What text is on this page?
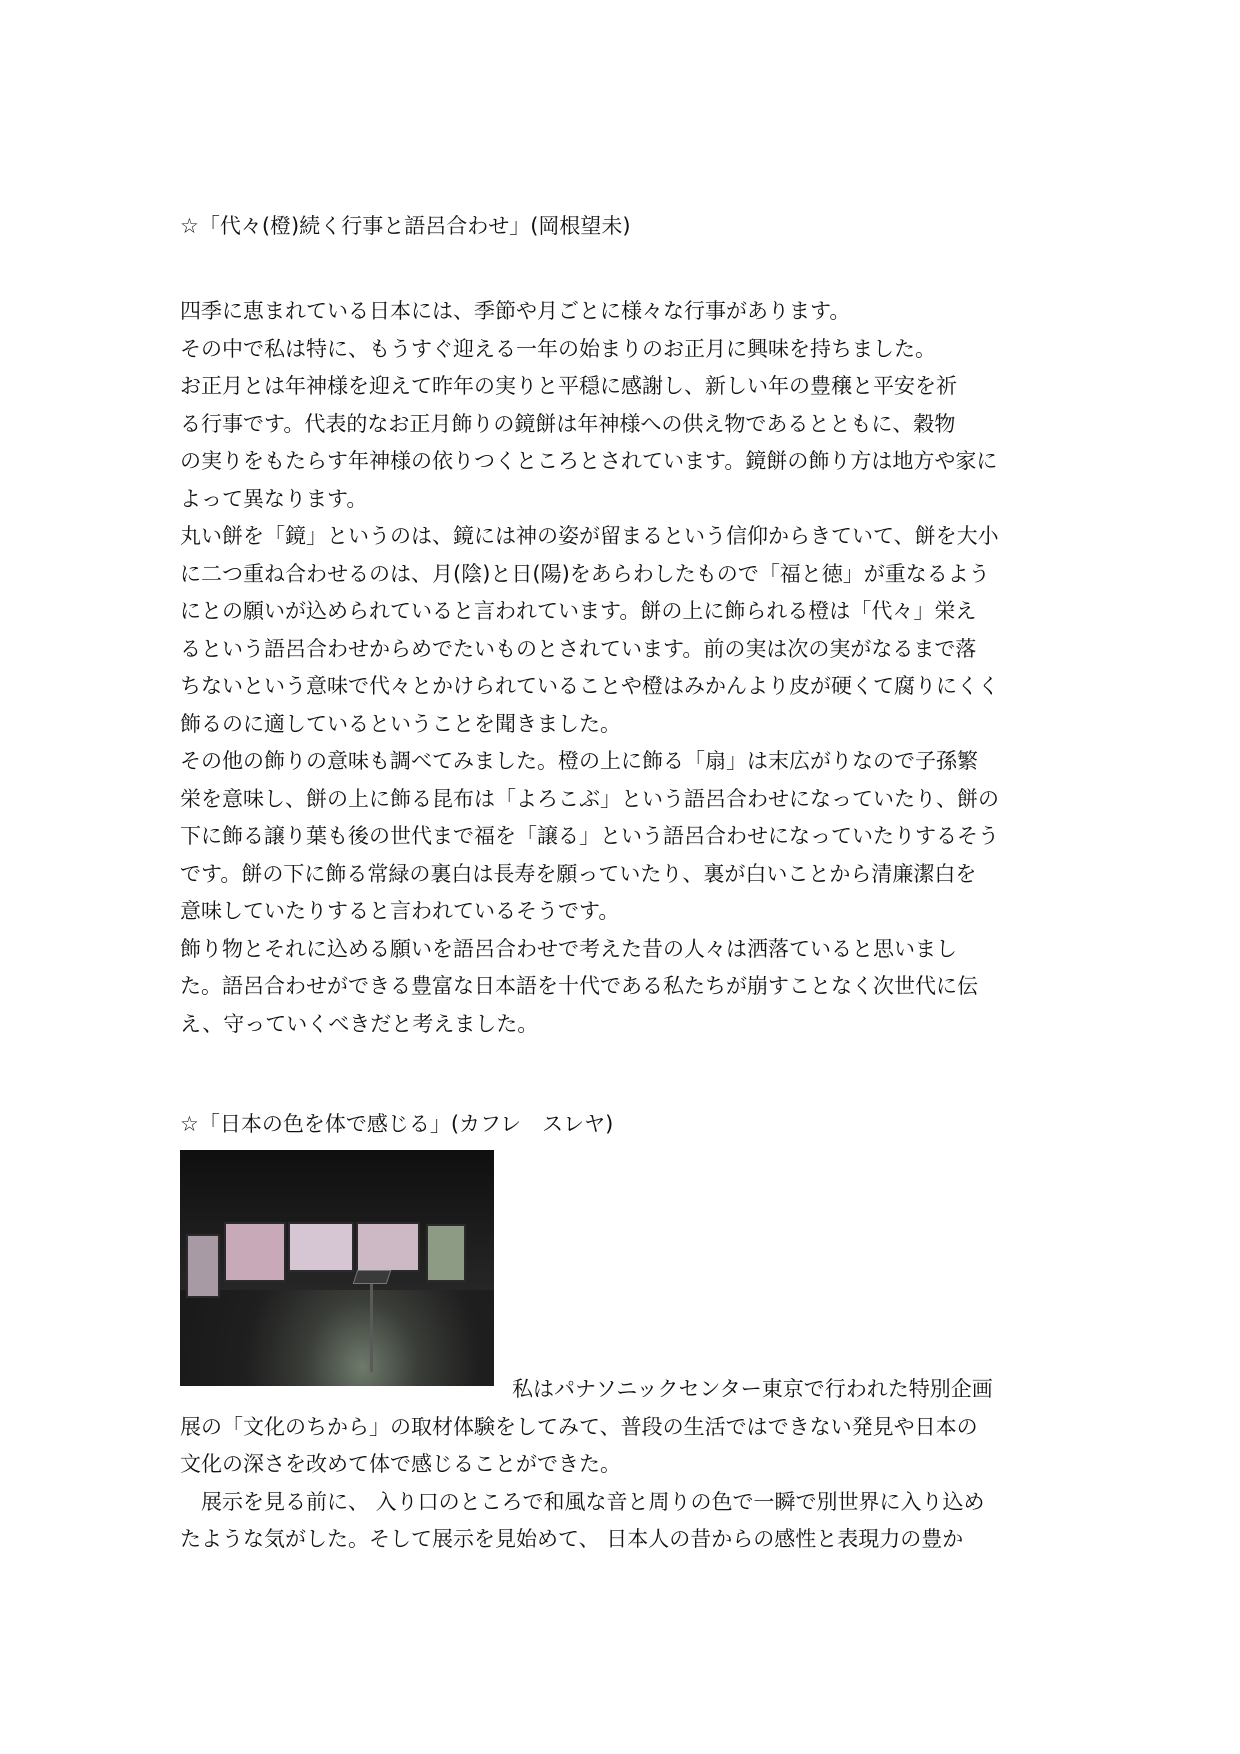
☆「代々(橙)続く行事と語呂合わせ」(岡根望未)
四季に恵まれている日本には、季節や月ごとに様々な行事があります。
その中で私は特に、もうすぐ迎える一年の始まりのお正月に興味を持ちました。
お正月とは年神様を迎えて昨年の実りと平穏に感謝し、新しい年の豊穣と平安を祈
る行事です。代表的なお正月飾りの鏡餅は年神様への供え物であるとともに、穀物
の実りをもたらす年神様の依りつくところとされています。鏡餅の飾り方は地方や家に
よって異なります。
丸い餅を「鏡」というのは、鏡には神の姿が留まるという信仰からきていて、餅を大小
に二つ重ね合わせるのは、月(陰)と日(陽)をあらわしたもので「福と徳」が重なるよう
にとの願いが込められていると言われています。餅の上に飾られる橙は「代々」栄え
るという語呂合わせからめでたいものとされています。前の実は次の実がなるまで落
ちないという意味で代々とかけられていることや橙はみかんより皮が硬くて腐りにくく
飾るのに適しているということを聞きました。
その他の飾りの意味も調べてみました。橙の上に飾る「扇」は末広がりなので子孫繁
栄を意味し、餅の上に飾る昆布は「よろこぶ」という語呂合わせになっていたり、餅の
下に飾る譲り葉も後の世代まで福を「譲る」という語呂合わせになっていたりするそう
です。餅の下に飾る常緑の裏白は長寿を願っていたり、裏が白いことから清廉潔白を
意味していたりすると言われているそうです。
飾り物とそれに込める願いを語呂合わせで考えた昔の人々は洒落ていると思いまし
た。語呂合わせができる豊富な日本語を十代である私たちが崩すことなく次世代に伝
え、守っていくべきだと考えました。
☆「日本の色を体で感じる」(カフレ　スレヤ)
私はパナソニックセンター東京で行われた特別企画
展の「文化のちから」の取材体験をしてみて、普段の生活ではできない発見や日本の
文化の深さを改めて体で感じることができた。
　展示を見る前に、 入り口のところで和風な音と周りの色で一瞬で別世界に入り込め
たような気がした。そして展示を見始めて、 日本人の昔からの感性と表現力の豊か
